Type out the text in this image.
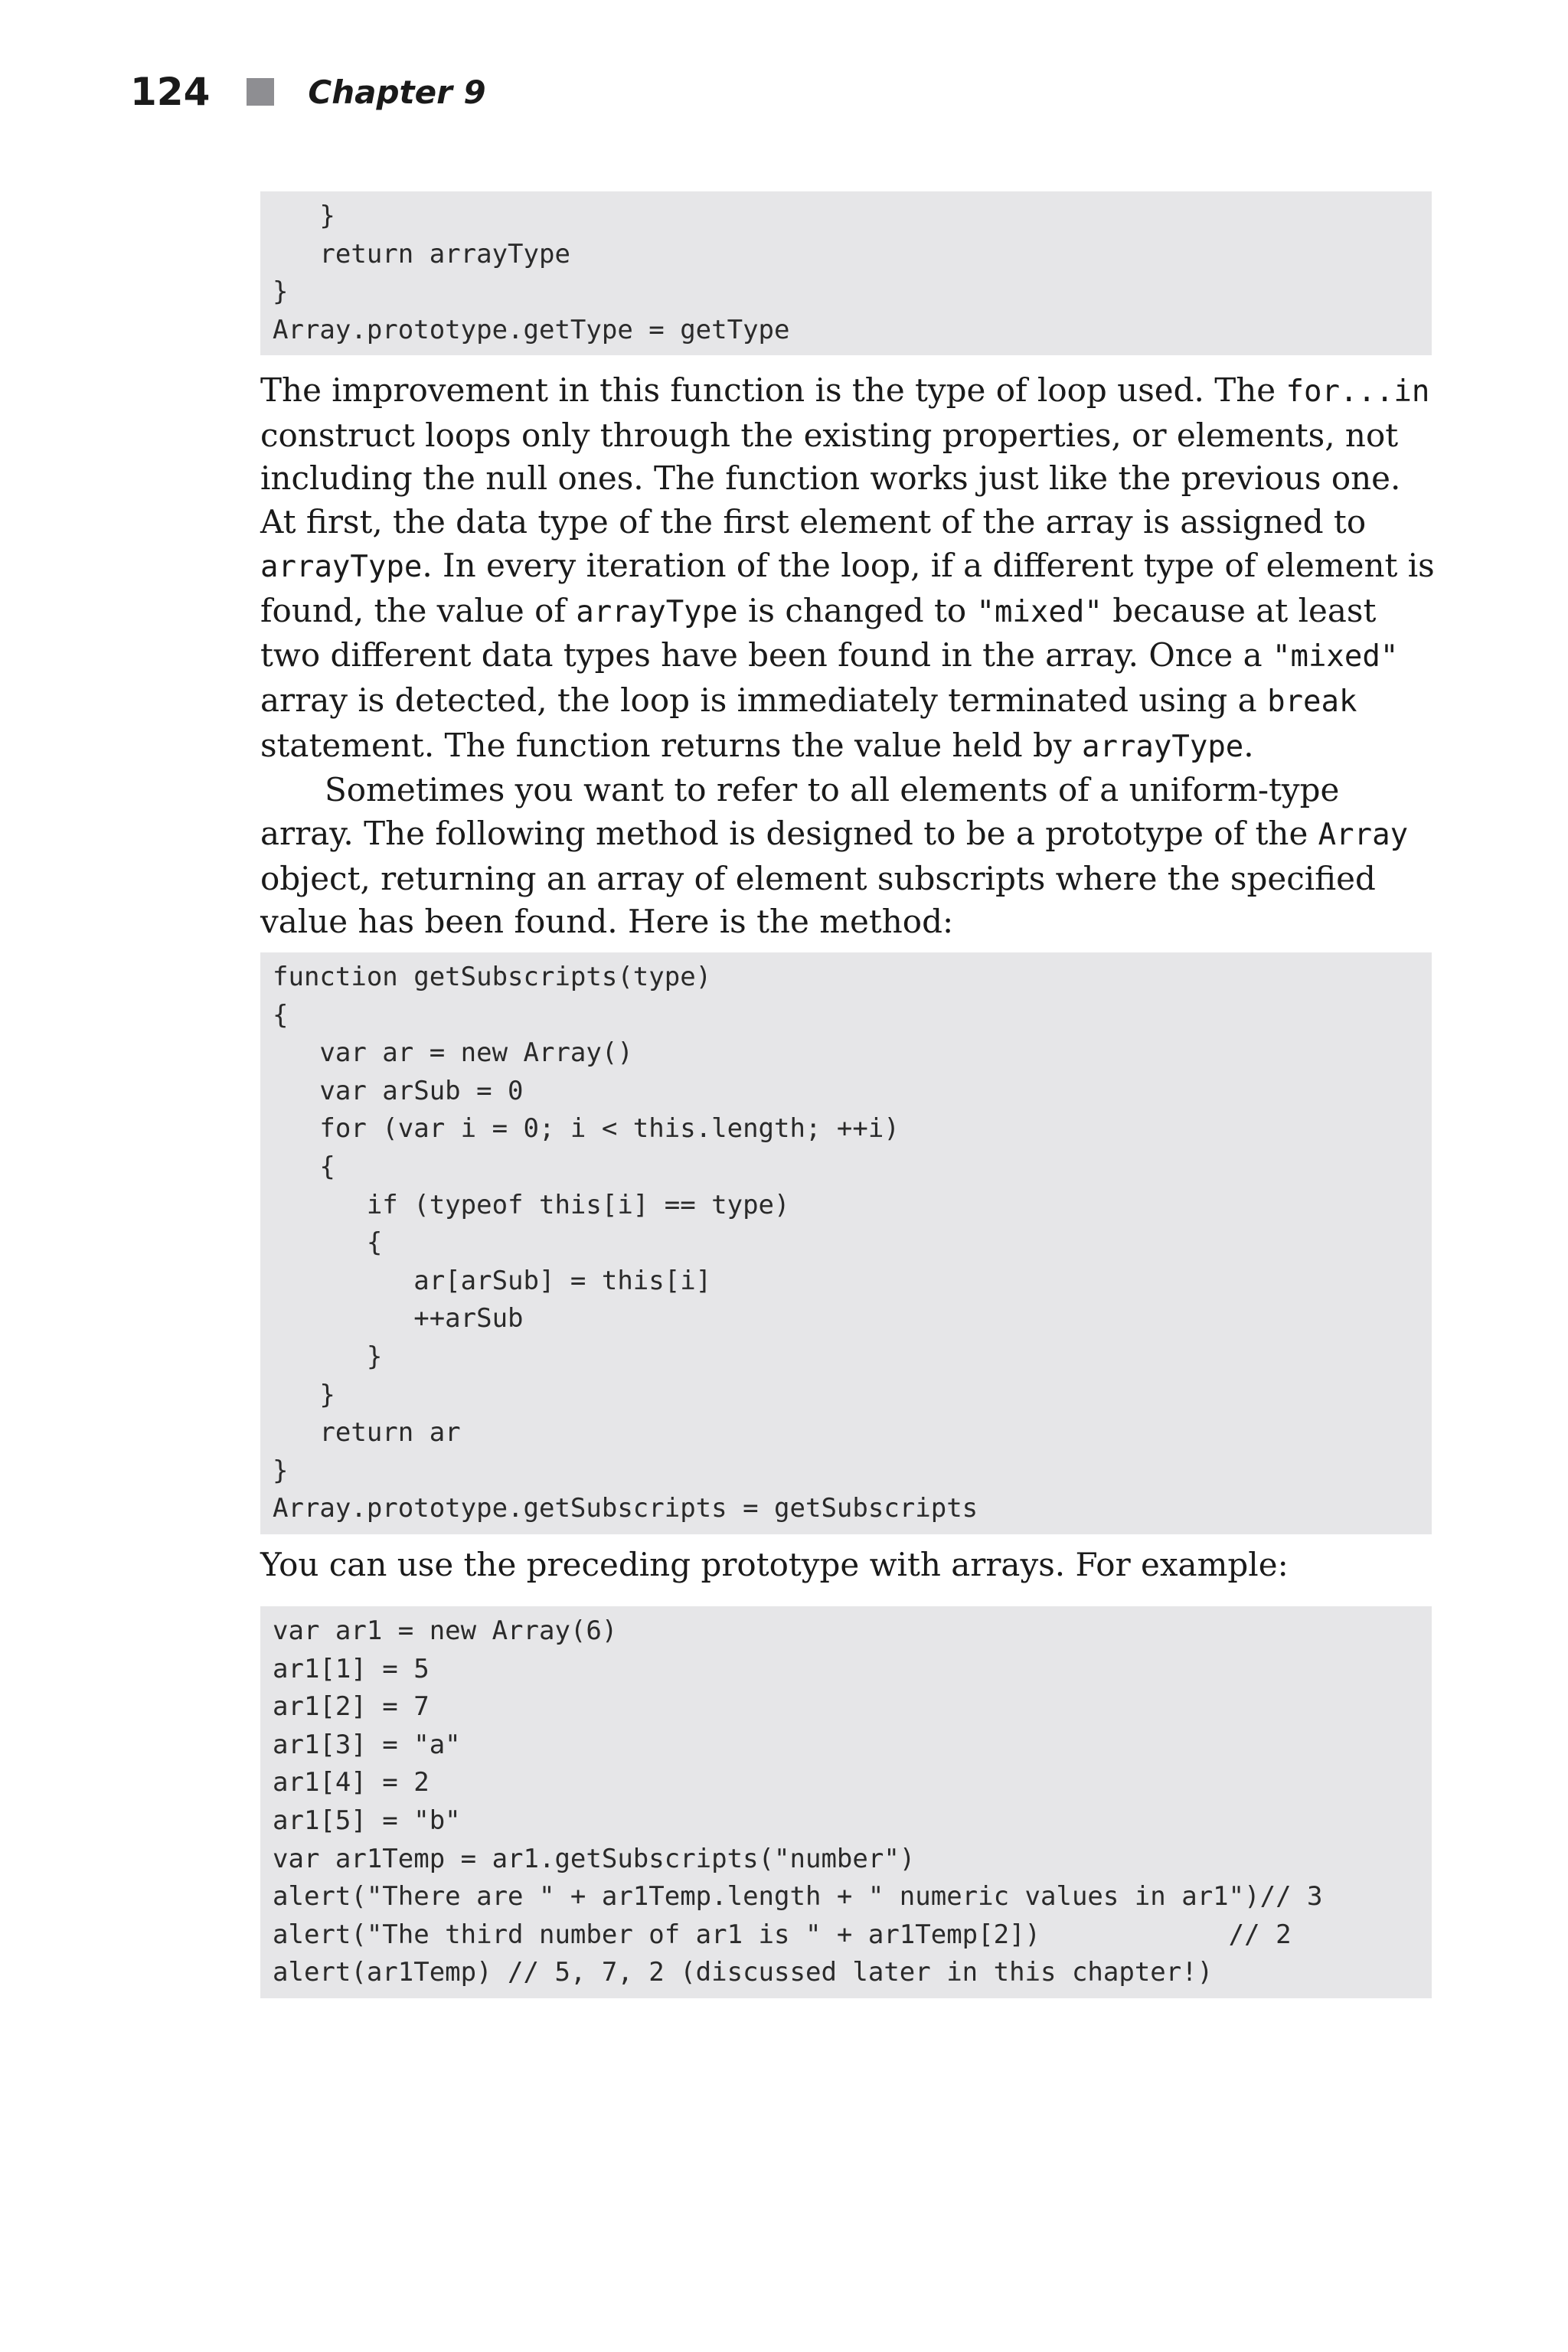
124	Chapter 9
}
return arrayType
}
Array.prototype.getType = getType

The improvement in this function is the type of loop used. The for...in construct loops only through the existing properties, or elements, not including the null ones. The function works just like the previous one. At first, the data type of the first element of the array is assigned to arrayType. In every iteration of the loop, if a different type of element is found, the value of arrayType is changed to "mixed" because at least two different data types have been found in the array. Once a "mixed" array is detected, the loop is immediately terminated using a break statement. The function returns the value held by arrayType.

Sometimes you want to refer to all elements of a uniform-type array. The following method is designed to be a prototype of the Array object, returning an array of element subscripts where the specified value has been found. Here is the method:

function getSubscripts(type)
{
var ar = new Array()
var arSub = 0
for (var i = 0; i < this.length; ++i)
{
if (typeof this[i] == type)
{
ar[arSub] = this[i]
++arSub
}
}
return ar
}
Array.prototype.getSubscripts = getSubscripts

You can use the preceding prototype with arrays. For example:

var ar1 = new Array(6)
ar1[1] = 5
ar1[2] = 7
ar1[3] = "a"
ar1[4] = 2
ar1[5] = "b"
var ar1Temp = ar1.getSubscripts("number")
alert("There are " + ar1Temp.length + " numeric values in ar1")// 3
alert("The third number of ar1 is " + ar1Temp[2])            // 2
alert(ar1Temp) // 5, 7, 2 (discussed later in this chapter!)
